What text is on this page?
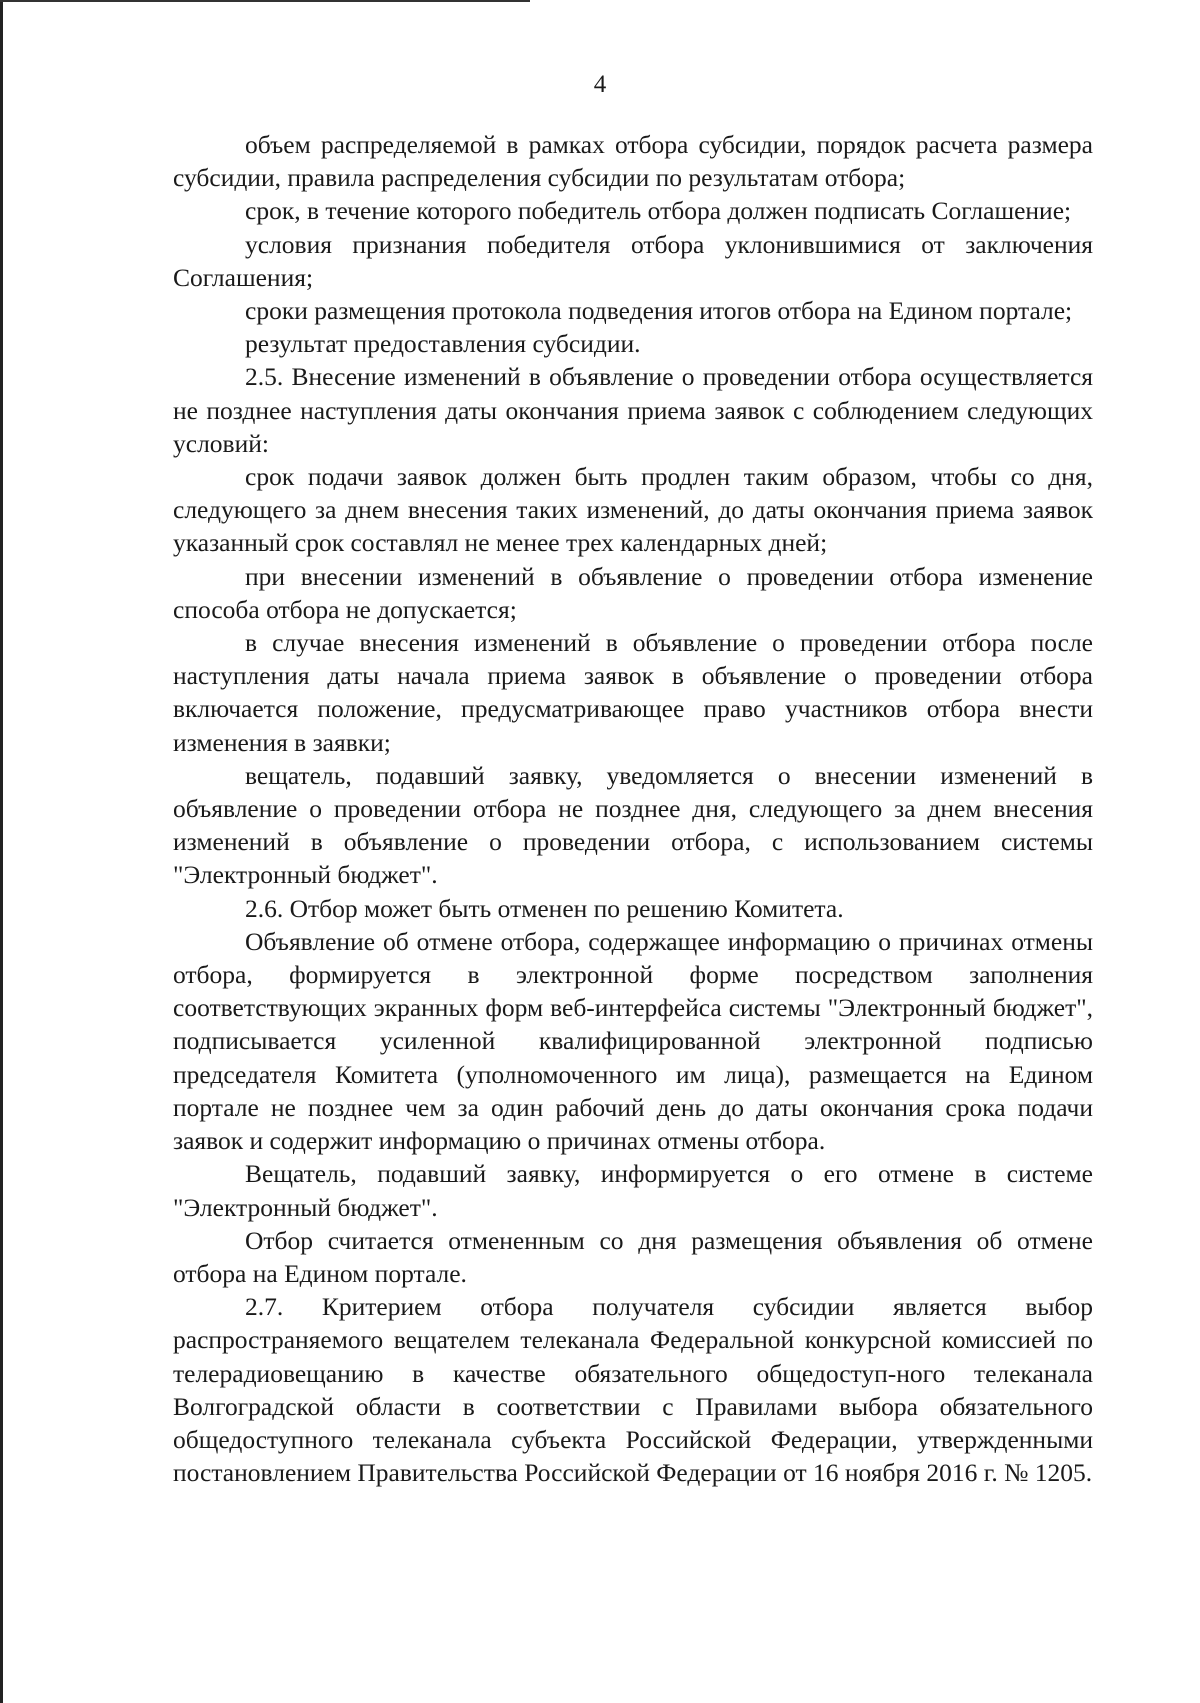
4

объем распределяемой в рамках отбора субсидии, порядок расчета размера субсидии, правила распределения субсидии по результатам отбора;

срок, в течение которого победитель отбора должен подписать Соглашение;

условия признания победителя отбора уклонившимися от заключения Соглашения;

сроки размещения протокола подведения итогов отбора на Едином портале;

результат предоставления субсидии.

2.5. Внесение изменений в объявление о проведении отбора осуществляется не позднее наступления даты окончания приема заявок с соблюдением следующих условий:

срок подачи заявок должен быть продлен таким образом, чтобы со дня, следующего за днем внесения таких изменений, до даты окончания приема заявок указанный срок составлял не менее трех календарных дней;

при внесении изменений в объявление о проведении отбора изменение способа отбора не допускается;

в случае внесения изменений в объявление о проведении отбора после наступления даты начала приема заявок в объявление о проведении отбора включается положение, предусматривающее право участников отбора внести изменения в заявки;

вещатель, подавший заявку, уведомляется о внесении изменений в объявление о проведении отбора не позднее дня, следующего за днем внесения изменений в объявление о проведении отбора, с использованием системы "Электронный бюджет".

2.6. Отбор может быть отменен по решению Комитета.

Объявление об отмене отбора, содержащее информацию о причинах отмены отбора, формируется в электронной форме посредством заполнения соответствующих экранных форм веб-интерфейса системы "Электронный бюджет", подписывается усиленной квалифицированной электронной подписью председателя Комитета (уполномоченного им лица), размещается на Едином портале не позднее чем за один рабочий день до даты окончания срока подачи заявок и содержит информацию о причинах отмены отбора.

Вещатель, подавший заявку, информируется о его отмене в системе "Электронный бюджет".

Отбор считается отмененным со дня размещения объявления об отмене отбора на Едином портале.

2.7. Критерием отбора получателя субсидии является выбор распространяемого вещателем телеканала Федеральной конкурсной комиссией по телерадиовещанию в качестве обязательного общедоступ-ного телеканала Волгоградской области в соответствии с Правилами выбора обязательного общедоступного телеканала субъекта Российской Федерации, утвержденными постановлением Правительства Российской Федерации от 16 ноября 2016 г. № 1205.
